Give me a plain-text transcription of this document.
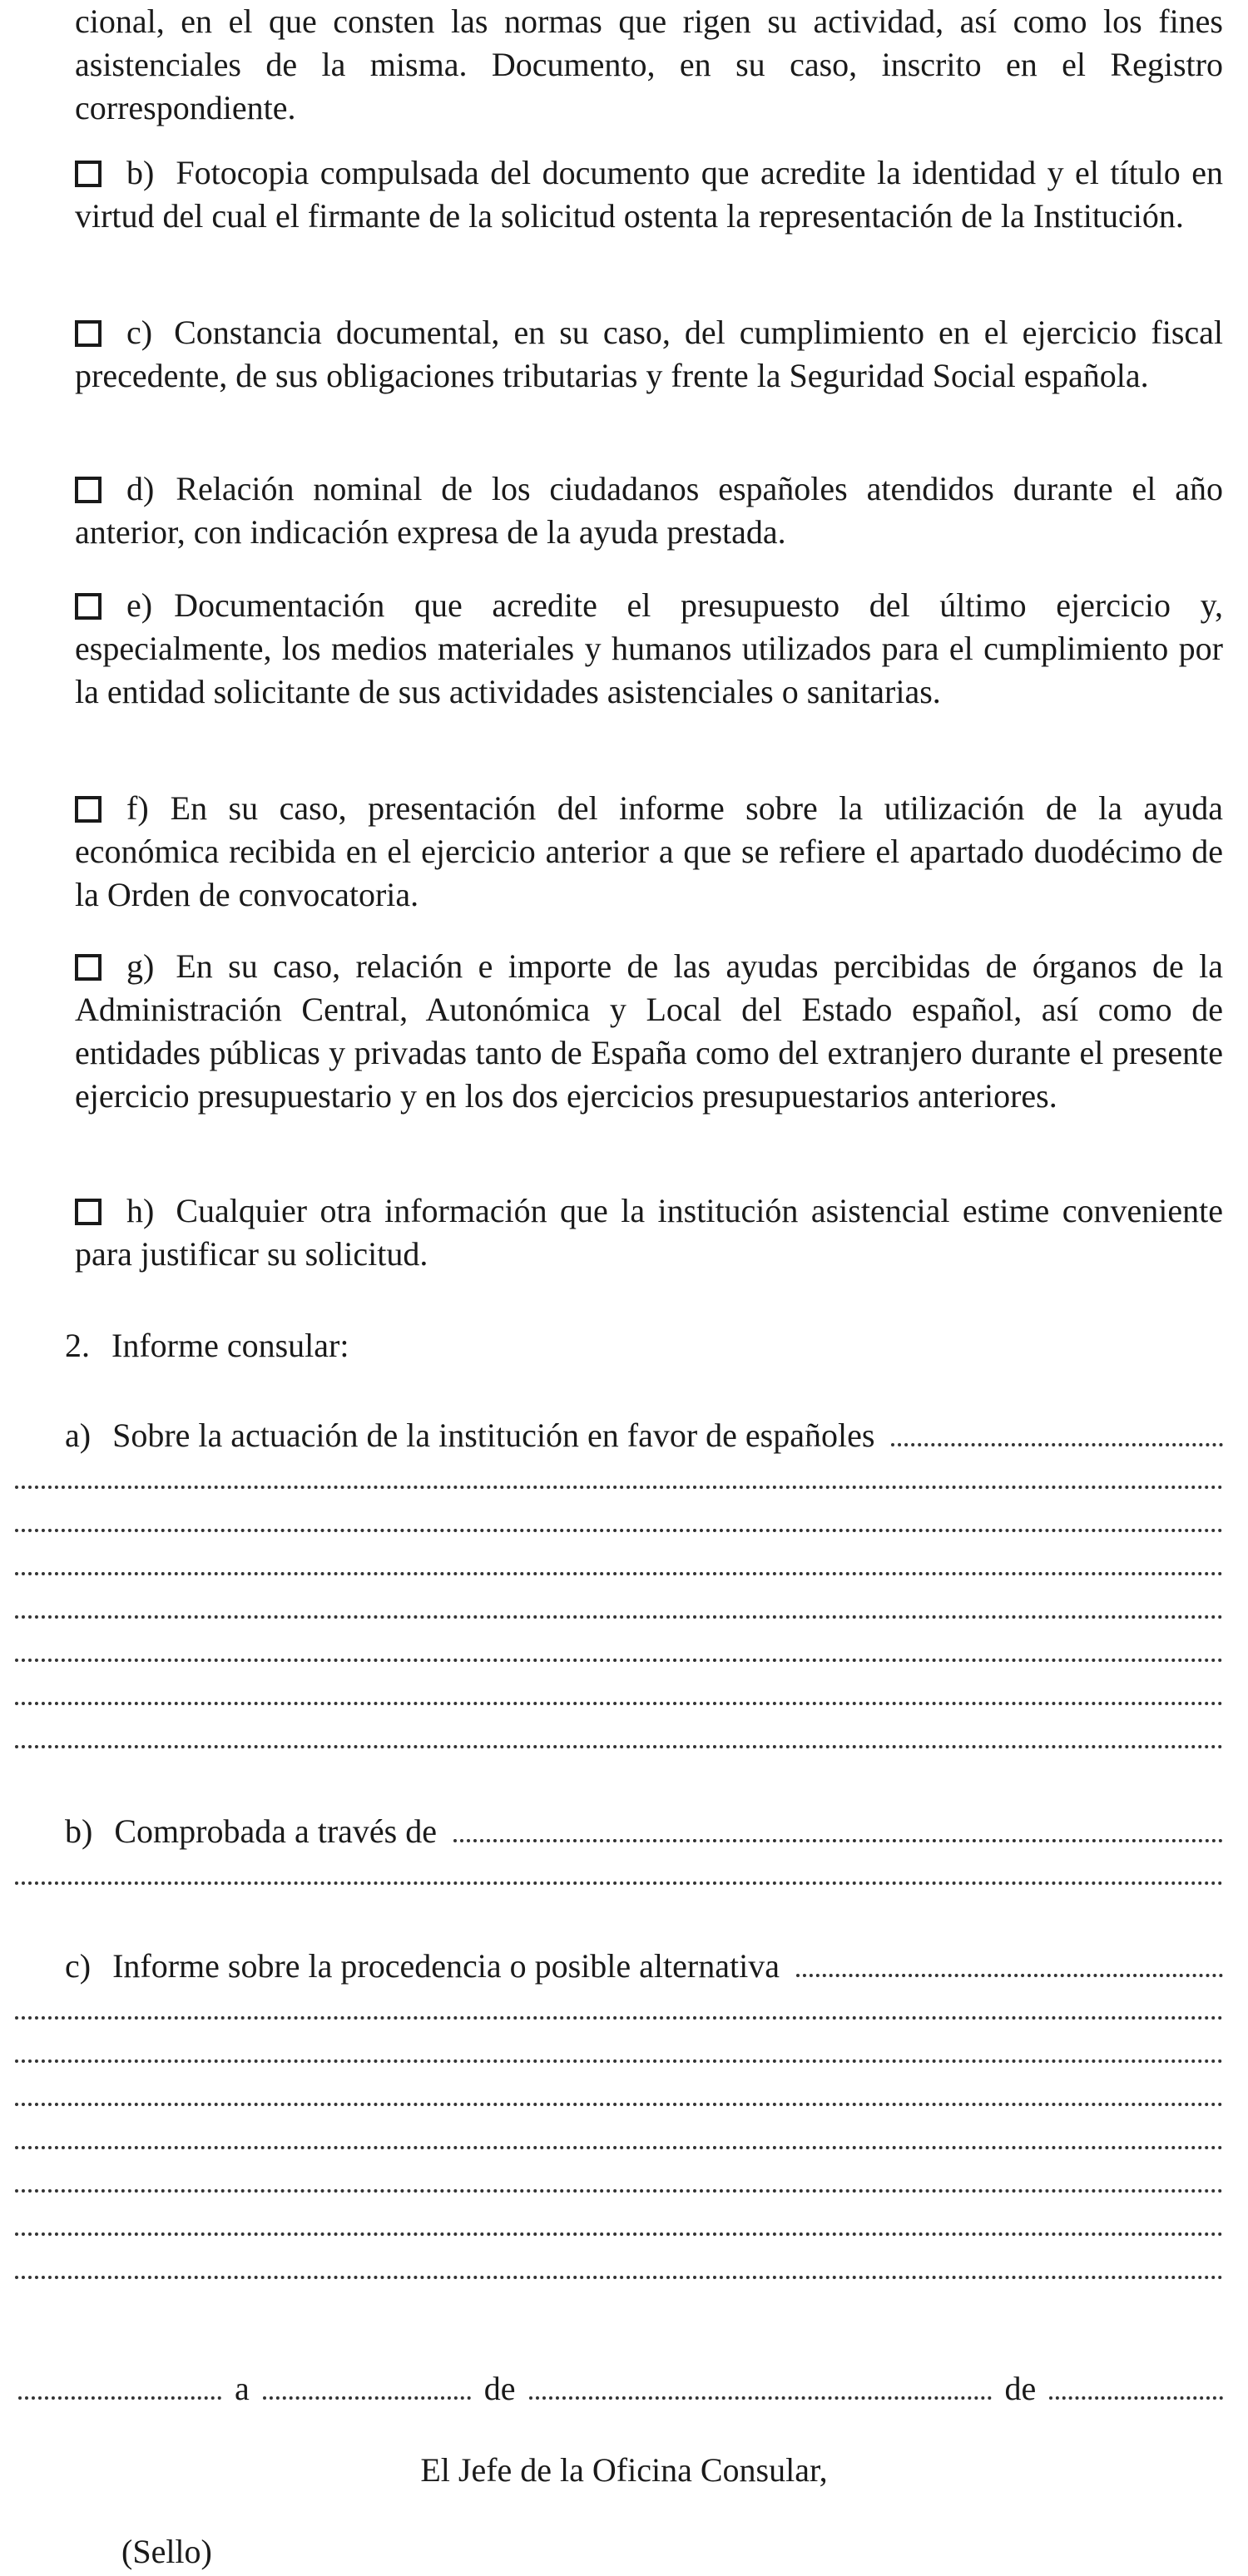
cional, en el que consten las normas que rigen su actividad, así como los fines asistenciales de la misma. Documento, en su caso, inscrito en el Registro correspondiente.

b) Fotocopia compulsada del documento que acredite la identidad y el título en virtud del cual el firmante de la solicitud ostenta la representación de la Institución.

c) Constancia documental, en su caso, del cumplimiento en el ejercicio fiscal precedente, de sus obligaciones tributarias y frente la Seguridad Social española.

d) Relación nominal de los ciudadanos españoles atendidos durante el año anterior, con indicación expresa de la ayuda prestada.

e) Documentación que acredite el presupuesto del último ejercicio y, especialmente, los medios materiales y humanos utilizados para el cumplimiento por la entidad solicitante de sus actividades asistenciales o sanitarias.

f) En su caso, presentación del informe sobre la utilización de la ayuda económica recibida en el ejercicio anterior a que se refiere el apartado duodécimo de la Orden de convocatoria.

g) En su caso, relación e importe de las ayudas percibidas de órganos de la Administración Central, Autonómica y Local del Estado español, así como de entidades públicas y privadas tanto de España como del extranjero durante el presente ejercicio presupuestario y en los dos ejercicios presupuestarios anteriores.

h) Cualquier otra información que la institución asistencial estime conveniente para justificar su solicitud.

2. Informe consular:

a) Sobre la actuación de la institución en favor de españoles
b) Comprobada a través de
c) Informe sobre la procedencia o posible alternativa
a	de	de

El Jefe de la Oficina Consular,

(Sello)
